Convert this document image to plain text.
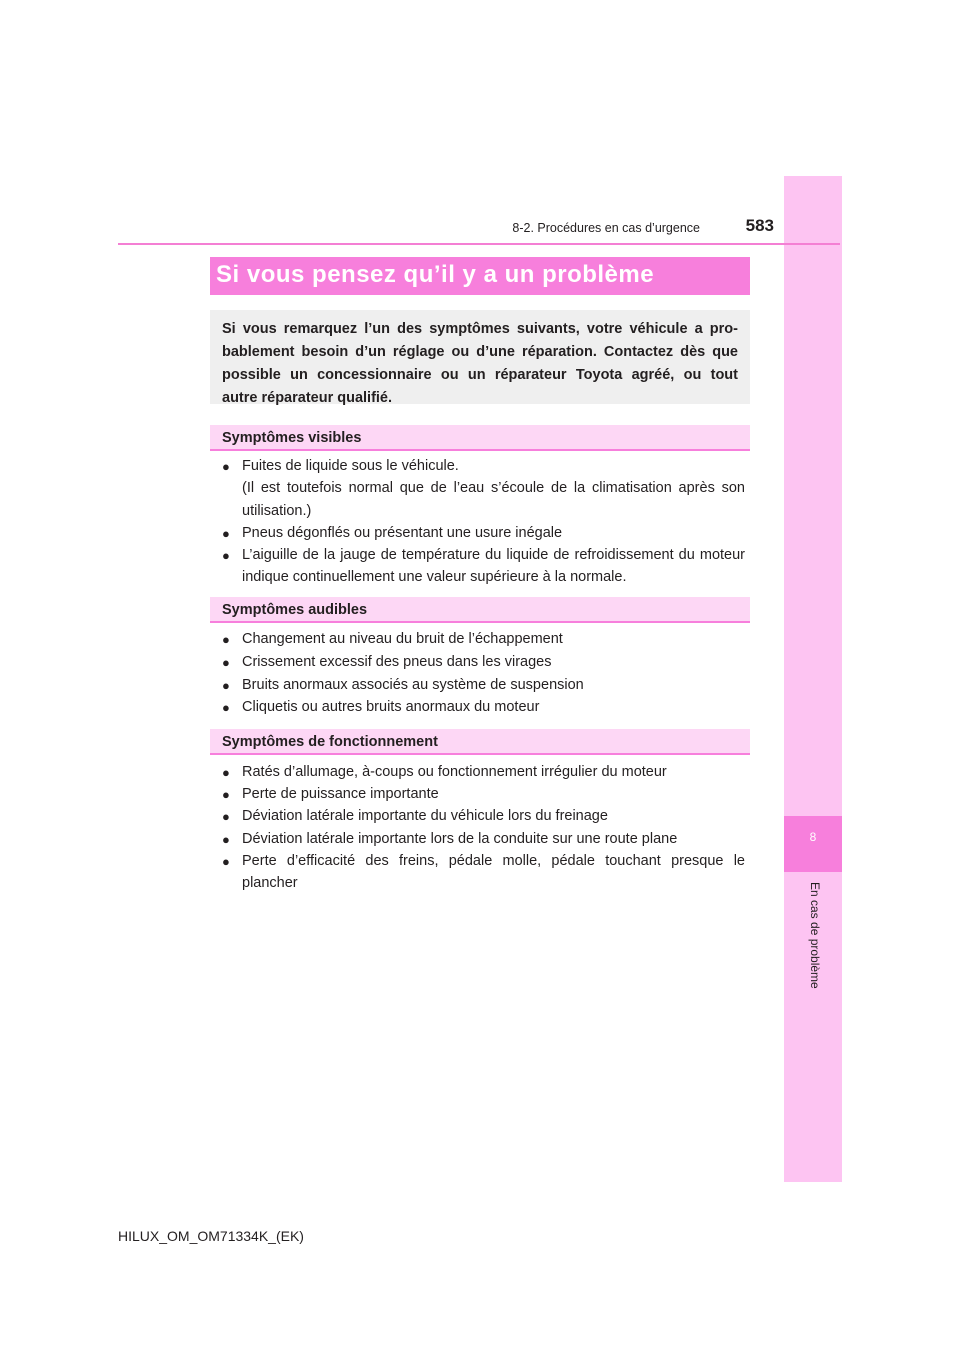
8
En cas de problème
8-2. Procédures en cas d’urgence	583
Si vous pensez qu’il y a un problème
Si vous remarquez l’un des symptômes suivants, votre véhicule a pro-
bablement besoin d’un réglage ou d’une réparation. Contactez dès que
possible un concessionnaire ou un réparateur Toyota agréé, ou tout
autre réparateur qualifié.
Symptômes visibles
● Fuites de liquide sous le véhicule.
(Il est toutefois normal que de l’eau s’écoule de la climatisation après son utilisation.)
● Pneus dégonflés ou présentant une usure inégale
● L’aiguille de la jauge de température du liquide de refroidissement du moteur indique continuellement une valeur supérieure à la normale.
Symptômes audibles
● Changement au niveau du bruit de l’échappement
● Crissement excessif des pneus dans les virages
● Bruits anormaux associés au système de suspension
● Cliquetis ou autres bruits anormaux du moteur
Symptômes de fonctionnement
● Ratés d’allumage, à-coups ou fonctionnement irrégulier du moteur
● Perte de puissance importante
● Déviation latérale importante du véhicule lors du freinage
● Déviation latérale importante lors de la conduite sur une route plane
● Perte d’efficacité des freins, pédale molle, pédale touchant presque le plancher
HILUX_OM_OM71334K_(EK)
